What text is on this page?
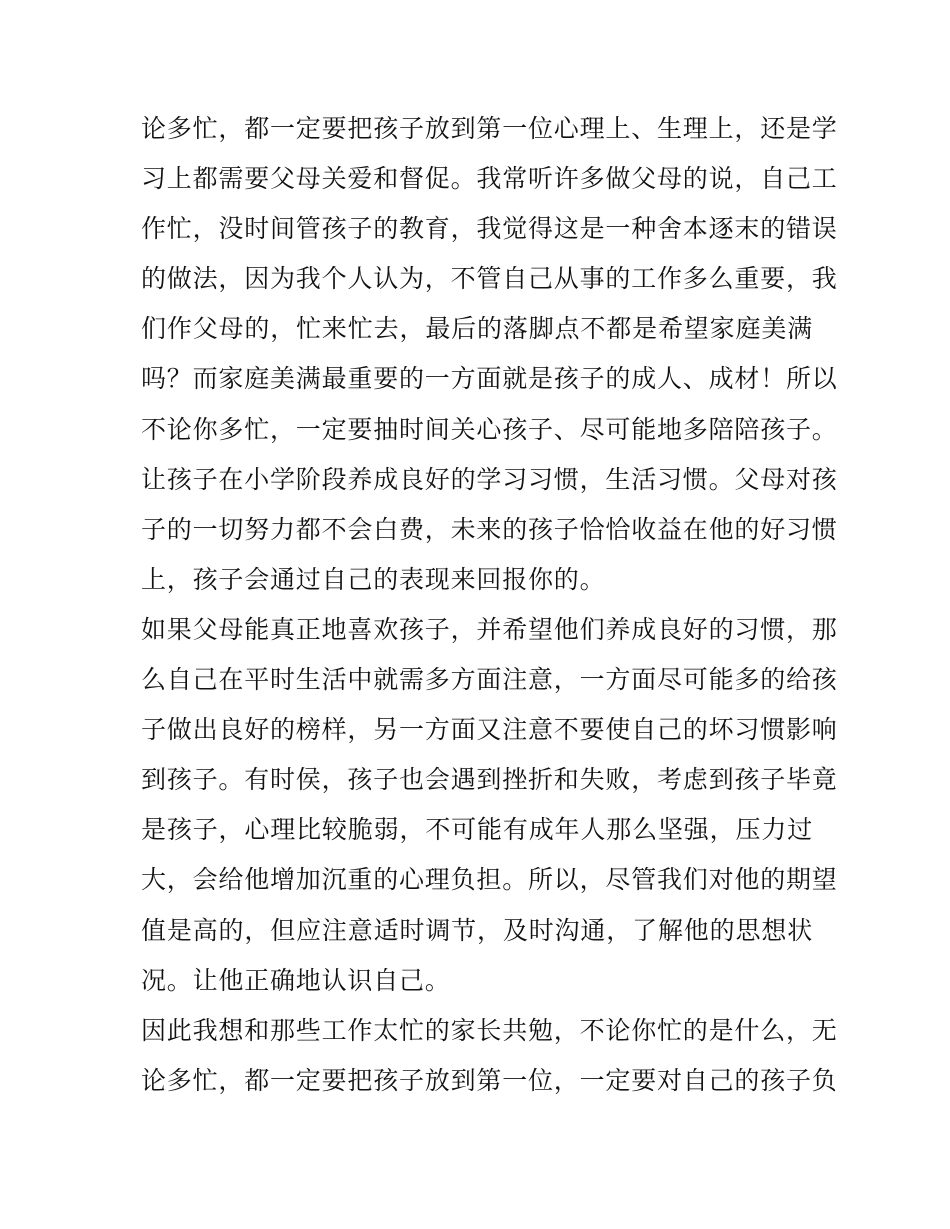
论多忙，都一定要把孩子放到第一位心理上、生理上，还是学
习上都需要父母关爱和督促。我常听许多做父母的说，自己工
作忙，没时间管孩子的教育，我觉得这是一种舍本逐末的错误
的做法，因为我个人认为，不管自己从事的工作多么重要，我
们作父母的，忙来忙去，最后的落脚点不都是希望家庭美满
吗？而家庭美满最重要的一方面就是孩子的成人、成材！所以
不论你多忙，一定要抽时间关心孩子、尽可能地多陪陪孩子。
让孩子在小学阶段养成良好的学习习惯，生活习惯。父母对孩
子的一切努力都不会白费，未来的孩子恰恰收益在他的好习惯
上，孩子会通过自己的表现来回报你的。
如果父母能真正地喜欢孩子，并希望他们养成良好的习惯，那
么自己在平时生活中就需多方面注意，一方面尽可能多的给孩
子做出良好的榜样，另一方面又注意不要使自己的坏习惯影响
到孩子。有时侯，孩子也会遇到挫折和失败，考虑到孩子毕竟
是孩子，心理比较脆弱，不可能有成年人那么坚强，压力过
大，会给他增加沉重的心理负担。所以，尽管我们对他的期望
值是高的，但应注意适时调节，及时沟通，了解他的思想状
况。让他正确地认识自己。
因此我想和那些工作太忙的家长共勉，不论你忙的是什么，无
论多忙，都一定要把孩子放到第一位，一定要对自己的孩子负
